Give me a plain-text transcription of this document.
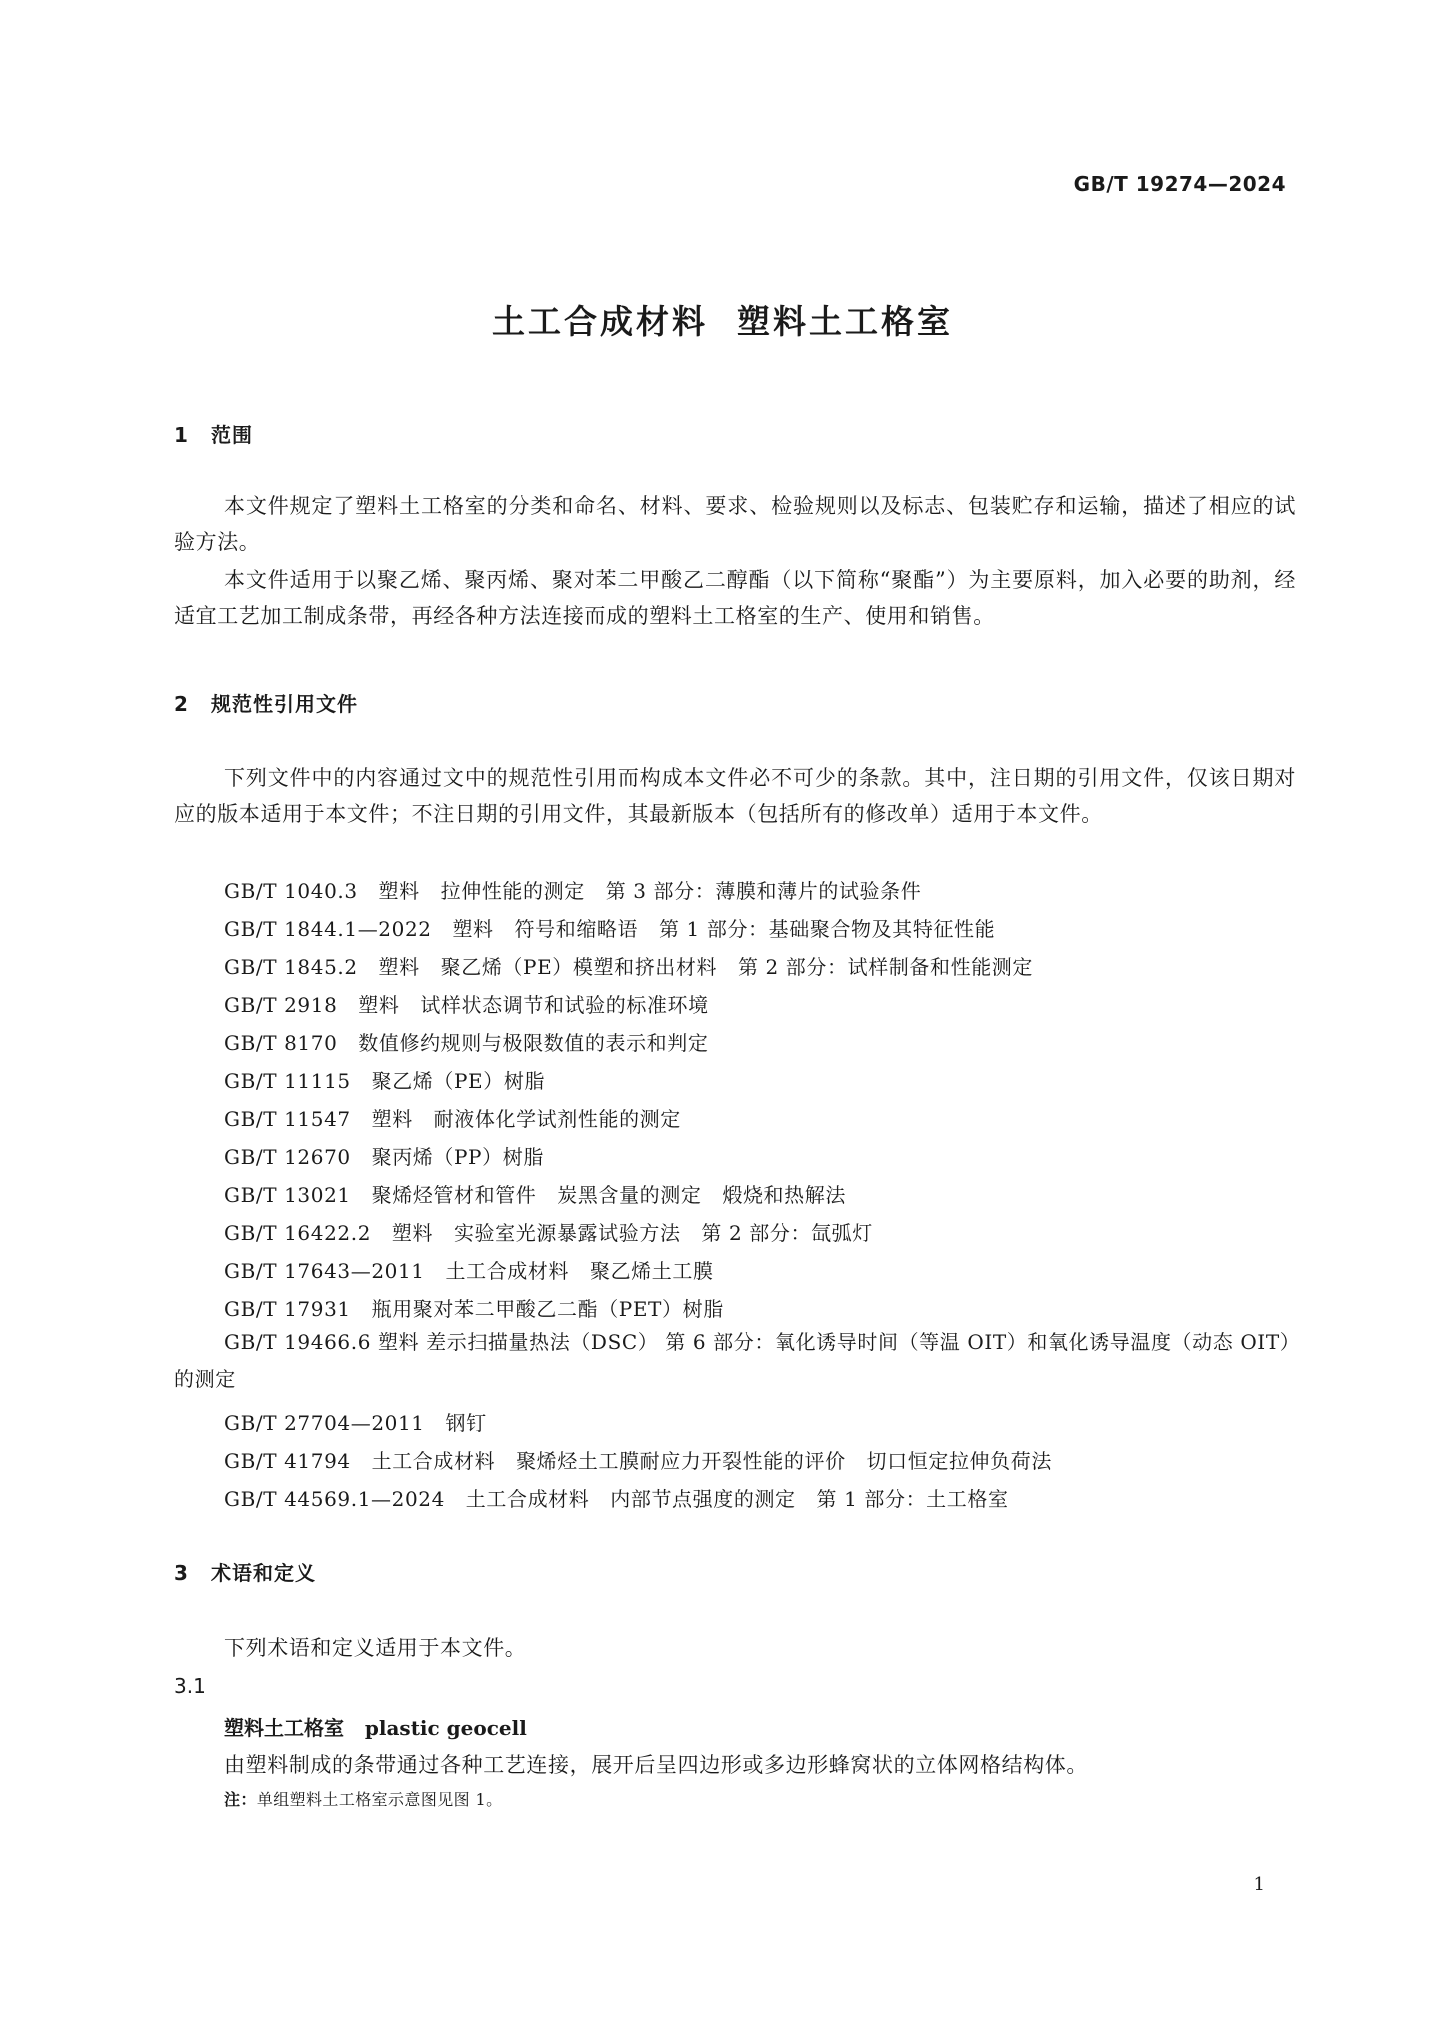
GB/T 19274—2024
土工合成材料  塑料土工格室
1 范围
本文件规定了塑料土工格室的分类和命名、材料、要求、检验规则以及标志、包装贮存和运输，描述了相应的试验方法。
本文件适用于以聚乙烯、聚丙烯、聚对苯二甲酸乙二醇酯（以下简称“聚酯”）为主要原料，加入必要的助剂，经适宜工艺加工制成条带，再经各种方法连接而成的塑料土工格室的生产、使用和销售。
2 规范性引用文件
下列文件中的内容通过文中的规范性引用而构成本文件必不可少的条款。其中，注日期的引用文件，仅该日期对应的版本适用于本文件；不注日期的引用文件，其最新版本（包括所有的修改单）适用于本文件。
GB/T 1040.3   塑料   拉伸性能的测定   第 3 部分：薄膜和薄片的试验条件
GB/T 1844.1—2022   塑料   符号和缩略语   第 1 部分：基础聚合物及其特征性能
GB/T 1845.2   塑料   聚乙烯（PE）模塑和挤出材料   第 2 部分：试样制备和性能测定
GB/T 2918   塑料   试样状态调节和试验的标准环境
GB/T 8170   数值修约规则与极限数值的表示和判定
GB/T 11115   聚乙烯（PE）树脂
GB/T 11547   塑料   耐液体化学试剂性能的测定
GB/T 12670   聚丙烯（PP）树脂
GB/T 13021   聚烯烃管材和管件   炭黑含量的测定   煅烧和热解法
GB/T 16422.2   塑料   实验室光源暴露试验方法   第 2 部分：氙弧灯
GB/T 17643—2011   土工合成材料   聚乙烯土工膜
GB/T 17931   瓶用聚对苯二甲酸乙二酯（PET）树脂
GB/T 19466.6 塑料 差示扫描量热法（DSC） 第 6 部分：氧化诱导时间（等温 OIT）和氧化诱导温度（动态 OIT）的测定
GB/T 27704—2011   钢钉
GB/T 41794   土工合成材料   聚烯烃土工膜耐应力开裂性能的评价   切口恒定拉伸负荷法
GB/T 44569.1—2024   土工合成材料   内部节点强度的测定   第 1 部分：土工格室
3 术语和定义
下列术语和定义适用于本文件。
3.1
塑料土工格室 plastic geocell
由塑料制成的条带通过各种工艺连接，展开后呈四边形或多边形蜂窝状的立体网格结构体。
注：单组塑料土工格室示意图见图 1。
1
